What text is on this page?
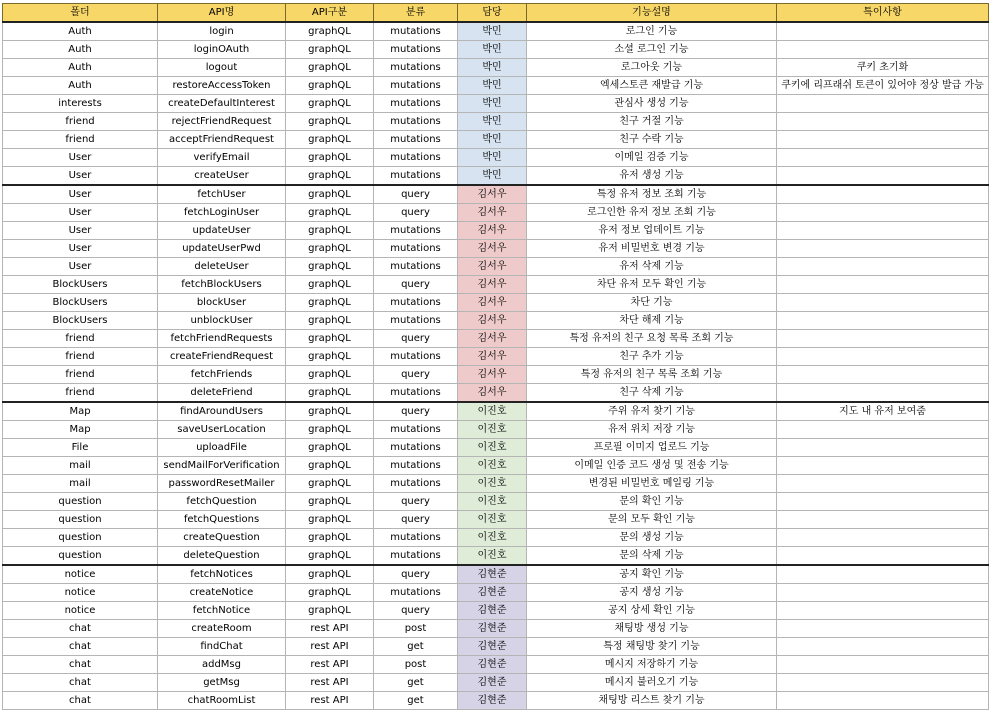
폴더	API명	API구분	분류	담당	기능설명	특이사항
Auth	login	graphQL	mutations	박민	로그인 기능	
Auth	loginOAuth	graphQL	mutations	박민	소셜 로그인 기능	
Auth	logout	graphQL	mutations	박민	로그아웃 기능	쿠키 초기화
Auth	restoreAccessToken	graphQL	mutations	박민	엑세스토큰 재발급 기능	쿠키에 리프래쉬 토큰이 있어야 정상 발급 가능
interests	createDefaultInterest	graphQL	mutations	박민	관심사 생성 기능	
friend	rejectFriendRequest	graphQL	mutations	박민	친구 거절 기능	
friend	acceptFriendRequest	graphQL	mutations	박민	친구 수락 기능	
User	verifyEmail	graphQL	mutations	박민	이메일 검증 기능	
User	createUser	graphQL	mutations	박민	유저 생성 기능	
User	fetchUser	graphQL	query	김서우	특정 유저 정보 조회 기능	
User	fetchLoginUser	graphQL	query	김서우	로그인한 유저 정보 조회 기능	
User	updateUser	graphQL	mutations	김서우	유저 정보 업데이트 기능	
User	updateUserPwd	graphQL	mutations	김서우	유저 비밀번호 변경 기능	
User	deleteUser	graphQL	mutations	김서우	유저 삭제 기능	
BlockUsers	fetchBlockUsers	graphQL	query	김서우	차단 유저 모두 확인 기능	
BlockUsers	blockUser	graphQL	mutations	김서우	차단 기능	
BlockUsers	unblockUser	graphQL	mutations	김서우	차단 해제 기능	
friend	fetchFriendRequests	graphQL	query	김서우	특정 유저의 친구 요청 목록 조회 기능	
friend	createFriendRequest	graphQL	mutations	김서우	친구 추가 기능	
friend	fetchFriends	graphQL	query	김서우	특정 유저의 친구 목록 조회 기능	
friend	deleteFriend	graphQL	mutations	김서우	친구 삭제 기능	
Map	findAroundUsers	graphQL	query	이진호	주위 유저 찾기 기능	지도 내 유저 보여줌
Map	saveUserLocation	graphQL	mutations	이진호	유저 위치 저장 기능	
File	uploadFile	graphQL	mutations	이진호	프로필 이미지 업로드 기능	
mail	sendMailForVerification	graphQL	mutations	이진호	이메일 인증 코드 생성 및 전송 기능	
mail	passwordResetMailer	graphQL	mutations	이진호	변경된 비밀번호 메일링 기능	
question	fetchQuestion	graphQL	query	이진호	문의 확인 기능	
question	fetchQuestions	graphQL	query	이진호	문의 모두 확인 기능	
question	createQuestion	graphQL	mutations	이진호	문의 생성 기능	
question	deleteQuestion	graphQL	mutations	이진호	문의 삭제 기능	
notice	fetchNotices	graphQL	query	김현준	공지 확인 기능	
notice	createNotice	graphQL	mutations	김현준	공지 생성 기능	
notice	fetchNotice	graphQL	query	김현준	공지 상세 확인 기능	
chat	createRoom	rest API	post	김현준	채팅방 생성 기능	
chat	findChat	rest API	get	김현준	특정 채팅방 찾기 기능	
chat	addMsg	rest API	post	김현준	메시지 저장하기 기능	
chat	getMsg	rest API	get	김현준	메시지 불러오기 기능	
chat	chatRoomList	rest API	get	김현준	채팅방 리스트 찾기 기능	
